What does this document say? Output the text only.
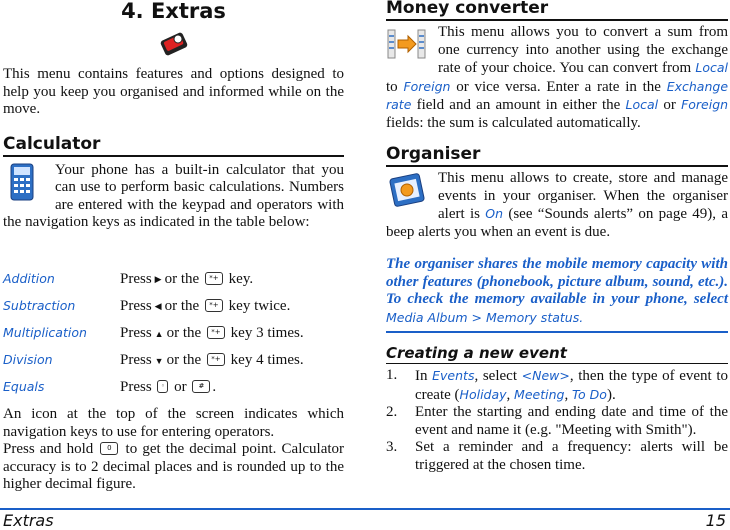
4. Extras
This menu contains features and options designed to help you keep you organised and informed while on the move.
Calculator
Your phone has a built-in calculator that you can use to perform basic calculations. Numbers are entered with the keypad and operators with the navigation keys as indicated in the table below:
Addition	Press ▶ or the *+ key.
Subtraction	Press ◀ or the *+ key twice.
Multiplication Press ▲ or the *+ key 3 times.
Division	Press ▼ or the *+ key 4 times.
Equals	Press ◦ or # .
An icon at the top of the screen indicates which navigation keys to use for entering operators.
Press and hold 0 to get the decimal point. Calculator accuracy is to 2 decimal places and is rounded up to the higher decimal figure.
Money converter
This menu allows you to convert a sum from one currency into another using the exchange rate of your choice. You can convert from Local to Foreign or vice versa. Enter a rate in the Exchange rate field and an amount in either the Local or Foreign fields: the sum is calculated automatically.
Organiser
This menu allows to create, store and manage events in your organiser. When the organiser alert is On (see “Sounds alerts” on page 49), a beep alerts you when an event is due.
The organiser shares the mobile memory capacity with other features (phonebook, picture album, sound, etc.). To check the memory available in your phone, select Media Album > Memory status.
Creating a new event
1. In Events, select <New>, then the type of event to create (Holiday, Meeting, To Do).
2. Enter the starting and ending date and time of the event and name it (e.g. "Meeting with Smith").
3. Set a reminder and a frequency: alerts will be triggered at the chosen time.
Extras	15
